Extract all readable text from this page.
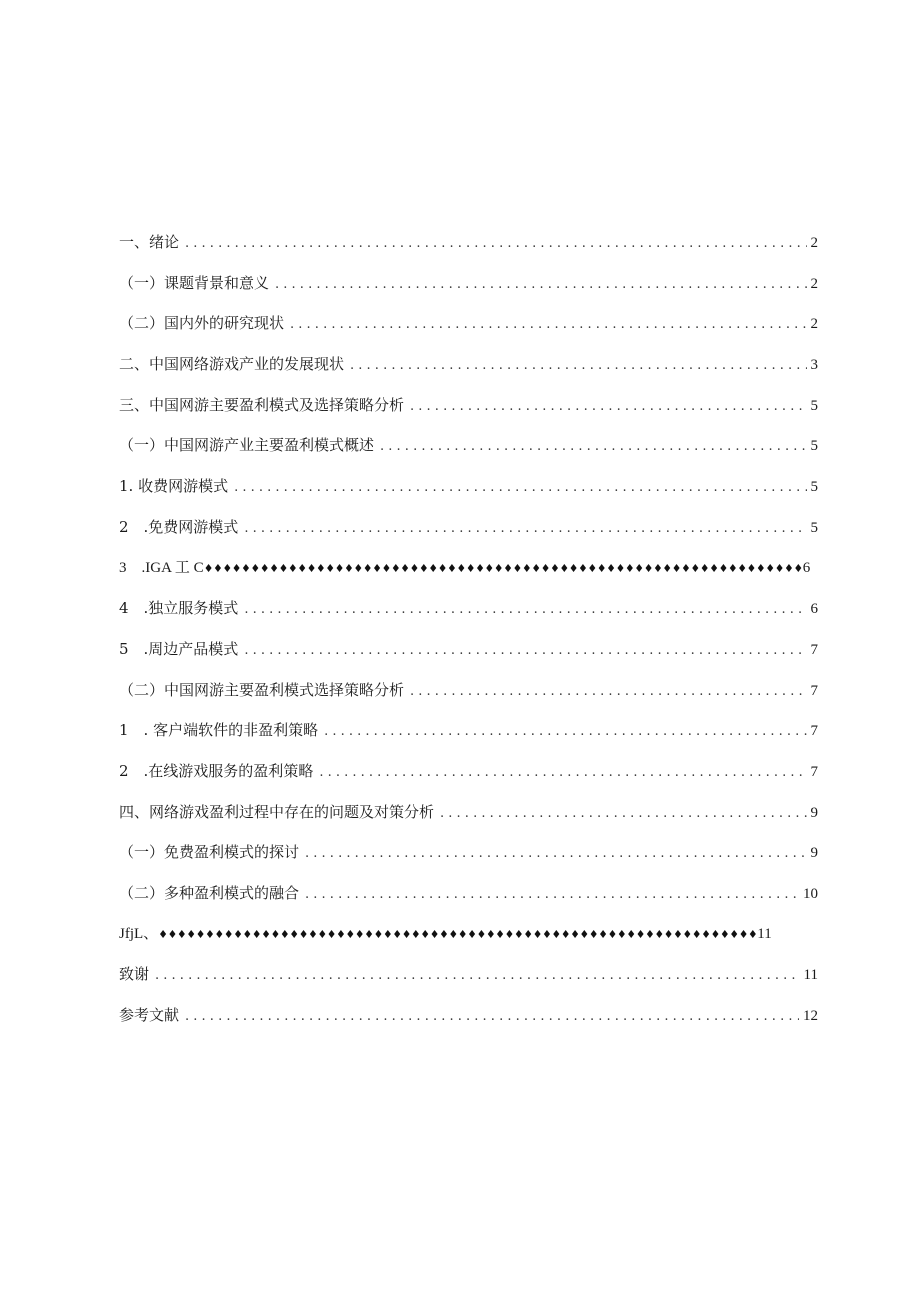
一、绪论 . . .	2
（一）课题背景和意义 . . .	2
（二）国内外的研究现状 . . .	2
二、中国网络游戏产业的发展现状 . . .	3
三、中国网游主要盈利模式及选择策略分析 . . .	5
（一）中国网游产业主要盈利模式概述 . . .	5
1. 收费网游模式 . . .	5
2　.免费网游模式 . . .	5
3　.IGA 工 C ♦♦♦♦♦♦♦♦♦♦♦♦♦♦♦♦♦♦♦♦♦♦♦♦♦♦♦♦♦♦♦♦♦♦♦♦♦♦♦♦♦♦♦♦♦♦♦♦♦♦♦♦♦♦♦♦♦♦♦♦♦♦♦♦ 6
4　.独立服务模式 . . .	6
5　.周边产品模式 . . .	7
（二）中国网游主要盈利模式选择策略分析 . . .	7
1　. 客户端软件的非盈利策略 . . .	7
2　.在线游戏服务的盈利策略 . . .	7
四、网络游戏盈利过程中存在的问题及对策分析 . . .	9
（一）免费盈利模式的探讨 . . .	9
（二）多种盈利模式的融合 . . .	10
JfjL、 ♦♦♦♦♦♦♦♦♦♦♦♦♦♦♦♦♦♦♦♦♦♦♦♦♦♦♦♦♦♦♦♦♦♦♦♦♦♦♦♦♦♦♦♦♦♦♦♦♦♦♦♦♦♦♦♦♦♦♦♦♦♦♦♦ 11
致谢 . . .	11
参考文献 . . .	12
